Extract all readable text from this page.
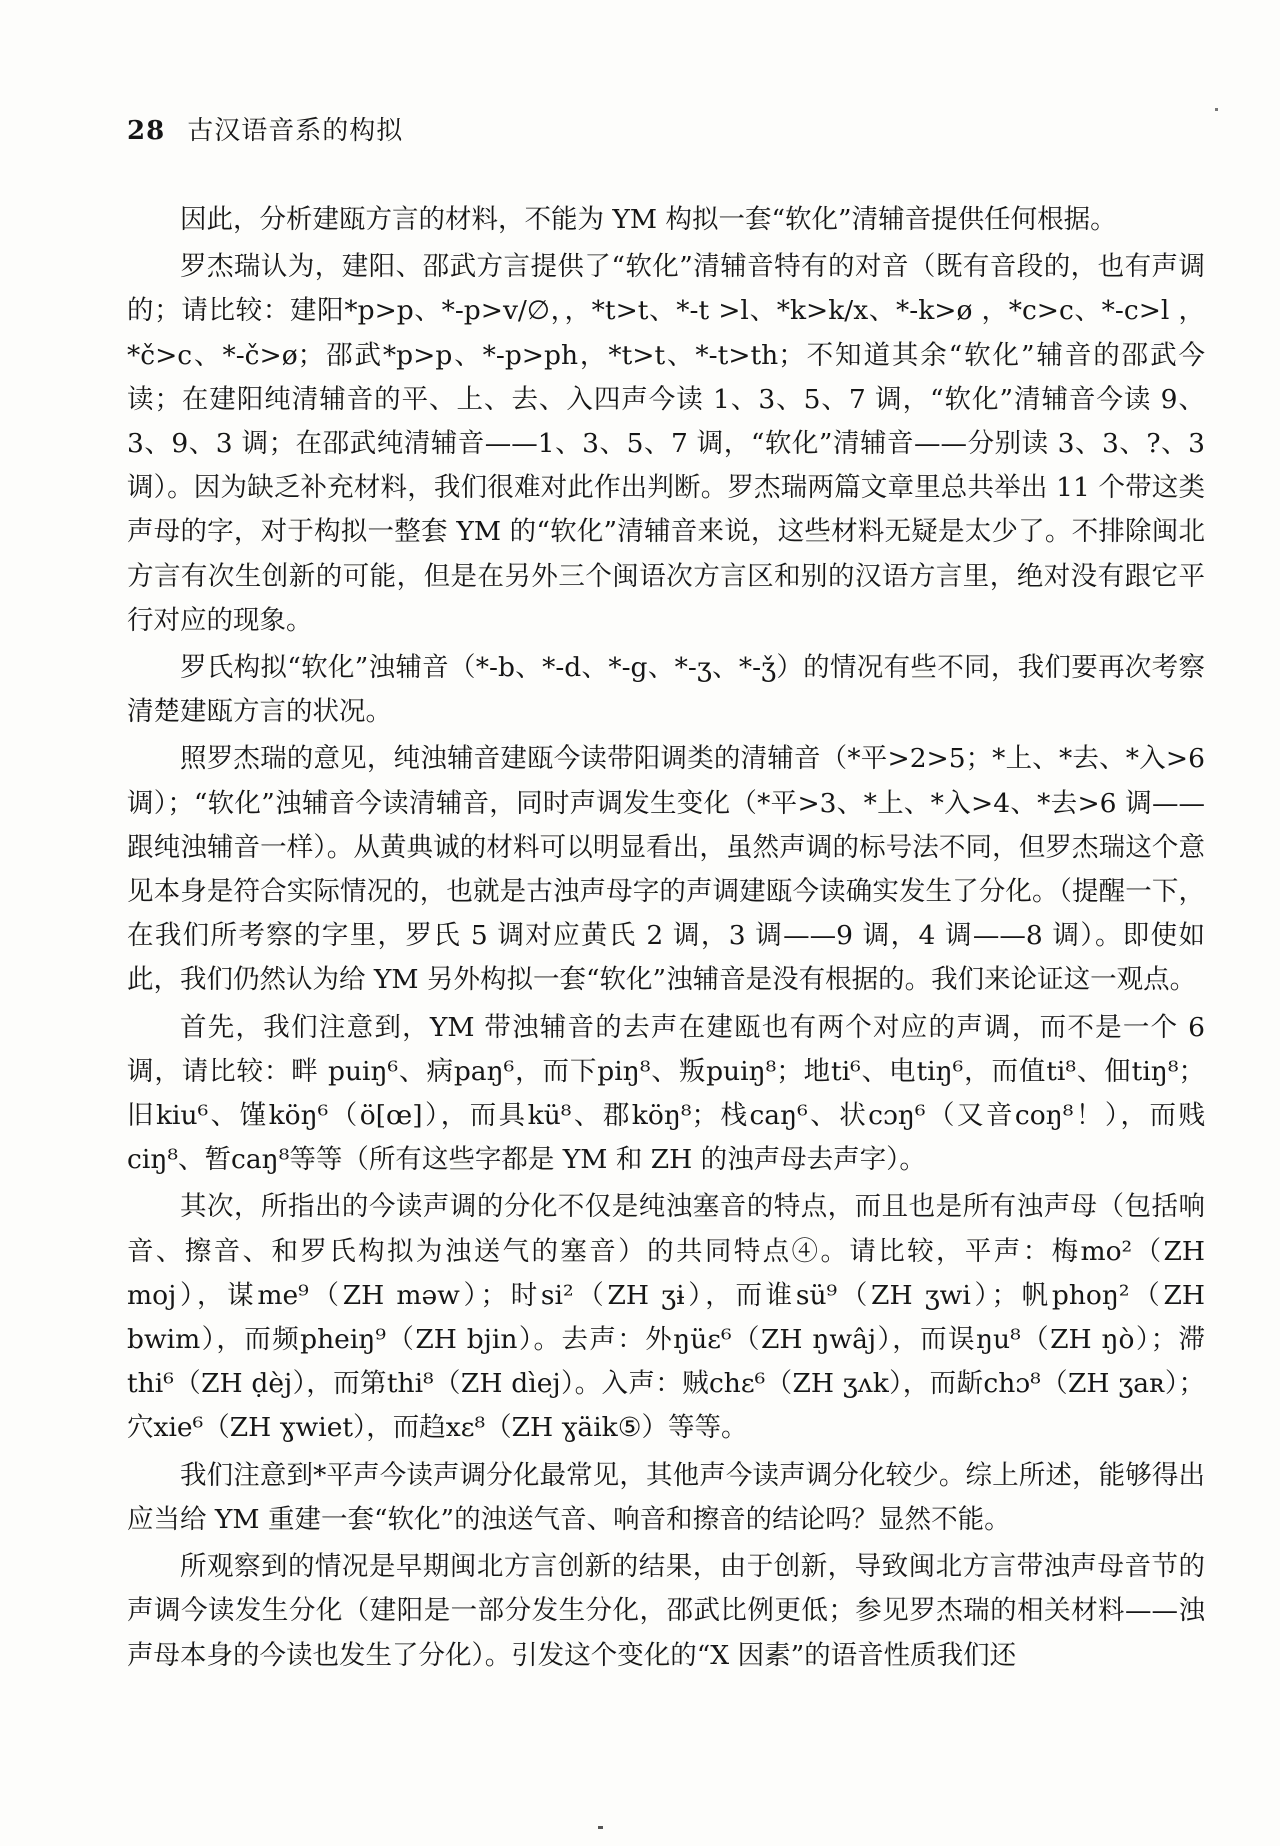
28 古汉语音系的构拟

因此，分析建瓯方言的材料，不能为 YM 构拟一套“软化”清辅音提供任何根据。

罗杰瑞认为，建阳、邵武方言提供了“软化”清辅音特有的对音（既有音段的，也有声调的；请比较：建阳*p>p、*-p>v/∅，，*t>t、*-t >l、*k>k/x、*-k>ø ，*c>c、*-c>l ，*č>c、*-č>ø；邵武*p>p、*-p>ph，*t>t、*-t>th；不知道其余“软化”辅音的邵武今读；在建阳纯清辅音的平、上、去、入四声今读 1、3、5、7 调，“软化”清辅音今读 9、3、9、3 调；在邵武纯清辅音——1、3、5、7 调，“软化”清辅音——分别读 3、3、?、3 调）。因为缺乏补充材料，我们很难对此作出判断。罗杰瑞两篇文章里总共举出 11 个带这类声母的字，对于构拟一整套 YM 的“软化”清辅音来说，这些材料无疑是太少了。不排除闽北方言有次生创新的可能，但是在另外三个闽语次方言区和别的汉语方言里，绝对没有跟它平行对应的现象。

罗氏构拟“软化”浊辅音（*-b、*-d、*-g、*-ʒ、*-ǯ）的情况有些不同，我们要再次考察清楚建瓯方言的状况。

照罗杰瑞的意见，纯浊辅音建瓯今读带阳调类的清辅音（*平>2>5；*上、*去、*入>6 调）；“软化”浊辅音今读清辅音，同时声调发生变化（*平>3、*上、*入>4、*去>6 调——跟纯浊辅音一样）。从黄典诚的材料可以明显看出，虽然声调的标号法不同，但罗杰瑞这个意见本身是符合实际情况的，也就是古浊声母字的声调建瓯今读确实发生了分化。（提醒一下，在我们所考察的字里，罗氏 5 调对应黄氏 2 调，3 调——9 调，4 调——8 调）。即使如此，我们仍然认为给 YM 另外构拟一套“软化”浊辅音是没有根据的。我们来论证这一观点。

首先，我们注意到，YM 带浊辅音的去声在建瓯也有两个对应的声调，而不是一个 6 调，请比较：畔 puiŋ⁶、病paŋ⁶，而下piŋ⁸、叛puiŋ⁸；地ti⁶、电tiŋ⁶，而值ti⁸、佃tiŋ⁸；旧kiu⁶、馑köŋ⁶（ö[œ]），而具kü⁸、郡köŋ⁸；栈caŋ⁶、状cɔŋ⁶（又音coŋ⁸！），而贱ciŋ⁸、暂caŋ⁸等等（所有这些字都是 YM 和 ZH 的浊声母去声字）。

其次，所指出的今读声调的分化不仅是纯浊塞音的特点，而且也是所有浊声母（包括响音、擦音、和罗氏构拟为浊送气的塞音）的共同特点④。请比较，平声：梅mo²（ZH moj），谋me⁹（ZH məw）；时si²（ZH ʒɨ），而谁sü⁹（ZH ʒwi）；帆phoŋ²（ZH bwim），而频pheiŋ⁹（ZH bjin）。去声：外ŋüɛ⁶（ZH ŋwâj），而误ŋu⁸（ZH ŋò）；滞thi⁶（ZH ḍèj），而第thi⁸（ZH dìej）。入声：贼chɛ⁶（ZH ʒʌk），而龂chɔ⁸（ZH ʒaʀ）；穴xie⁶（ZH ɣwiet），而趋xɛ⁸（ZH ɣäik⑤）等等。

我们注意到*平声今读声调分化最常见，其他声今读声调分化较少。综上所述，能够得出应当给 YM 重建一套“软化”的浊送气音、响音和擦音的结论吗？显然不能。

所观察到的情况是早期闽北方言创新的结果，由于创新，导致闽北方言带浊声母音节的声调今读发生分化（建阳是一部分发生分化，邵武比例更低；参见罗杰瑞的相关材料——浊声母本身的今读也发生了分化）。引发这个变化的“X 因素”的语音性质我们还
